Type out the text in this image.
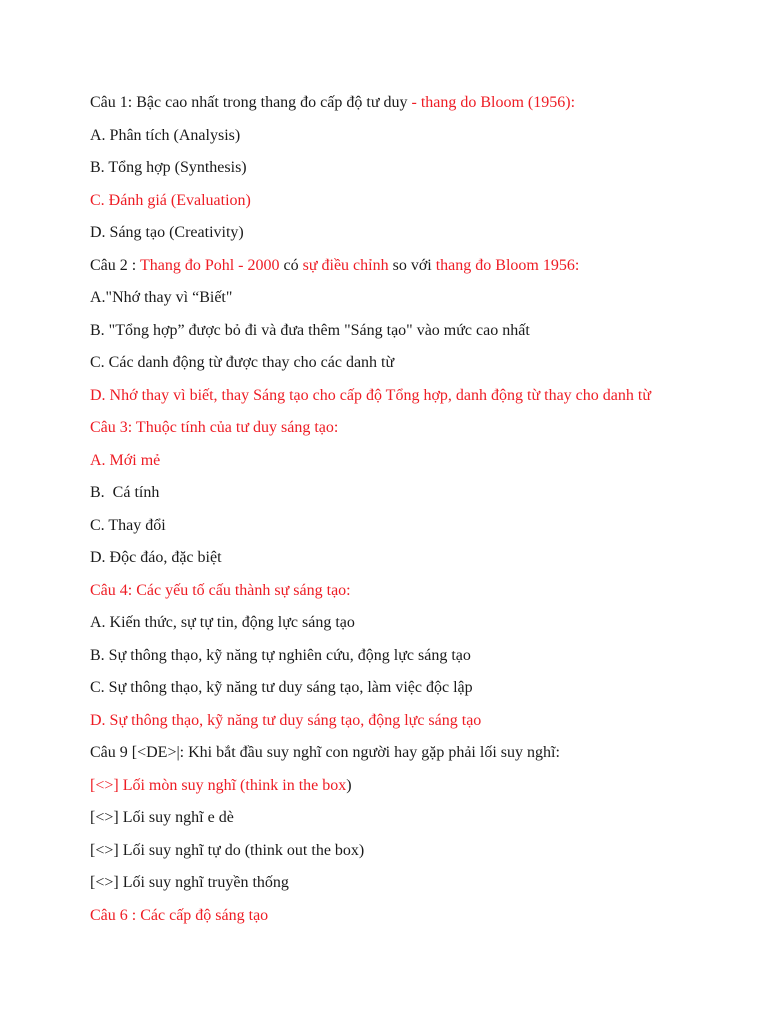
Câu 1: Bậc cao nhất trong thang đo cấp độ tư duy - thang do Bloom (1956):
A. Phân tích (Analysis)
B. Tổng hợp (Synthesis)
C. Đánh giá (Evaluation)
D. Sáng tạo (Creativity)
Câu 2 : Thang đo Pohl - 2000 có sự điều chỉnh so với thang đo Bloom 1956:
A."Nhớ thay vì “Biết"
B. "Tổng hợp” được bỏ đi và đưa thêm "Sáng tạo" vào mức cao nhất
C. Các danh động từ được thay cho các danh từ
D. Nhớ thay vì biết, thay Sáng tạo cho cấp độ Tổng hợp, danh động từ thay cho danh từ
Câu 3: Thuộc tính của tư duy sáng tạo:
A. Mới mẻ
B.  Cá tính
C. Thay đổi
D. Độc đáo, đặc biệt
Câu 4: Các yếu tố cấu thành sự sáng tạo:
A. Kiến thức, sự tự tin, động lực sáng tạo
B. Sự thông thạo, kỹ năng tự nghiên cứu, động lực sáng tạo
C. Sự thông thạo, kỹ năng tư duy sáng tạo, làm việc độc lập
D. Sự thông thạo, kỹ năng tư duy sáng tạo, động lực sáng tạo
Câu 9 [<DE>|: Khi bắt đầu suy nghĩ con người hay gặp phải lối suy nghĩ:
[<>] Lối mòn suy nghĩ (think in the box)
[<>] Lối suy nghĩ e dè
[<>] Lối suy nghĩ tự do (think out the box)
[<>] Lối suy nghĩ truyền thống
Câu 6 : Các cấp độ sáng tạo
